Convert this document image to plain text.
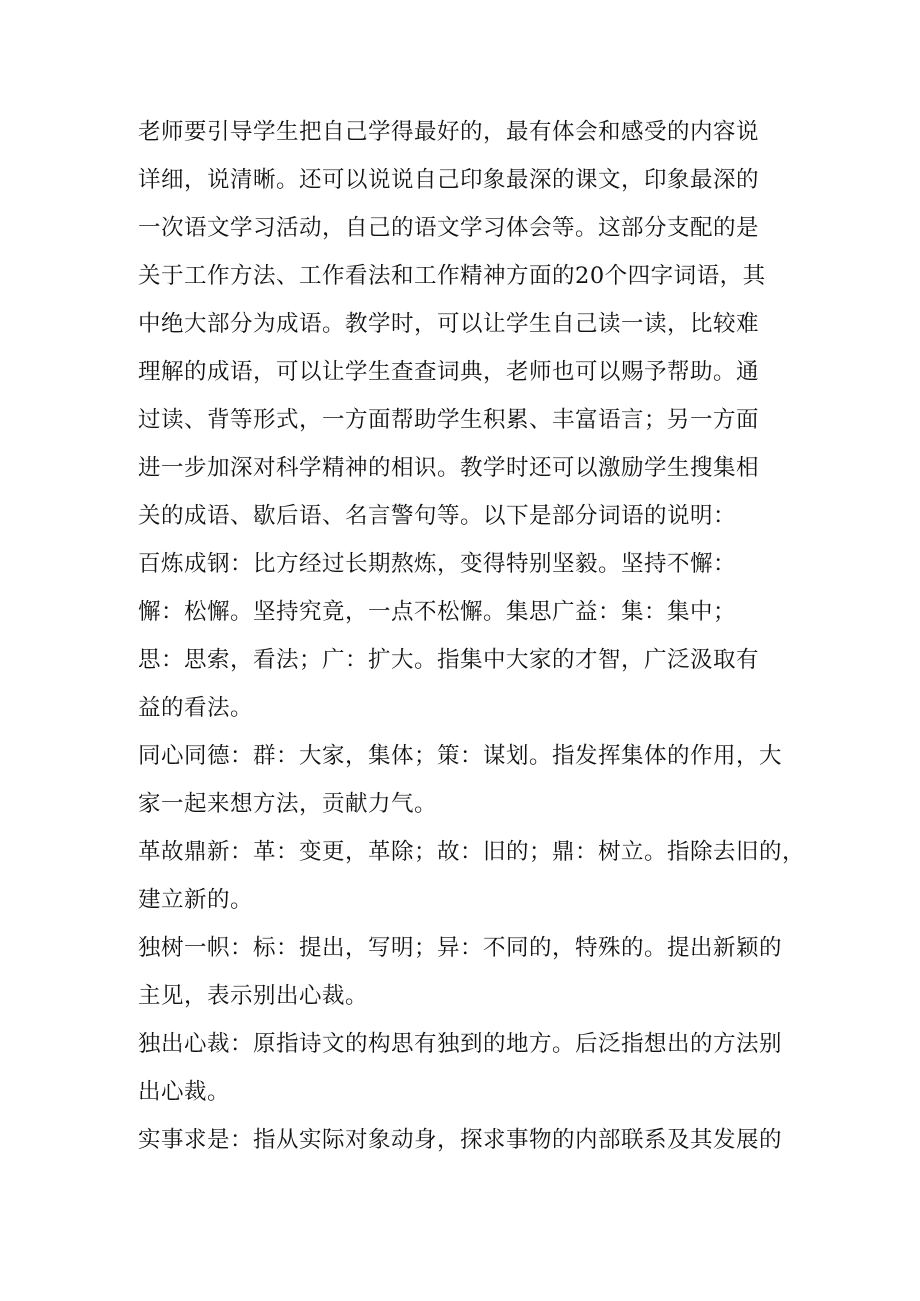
老师要引导学生把自己学得最好的，最有体会和感受的内容说
详细，说清晰。还可以说说自己印象最深的课文，印象最深的
一次语文学习活动，自己的语文学习体会等。这部分支配的是
关于工作方法、工作看法和工作精神方面的20个四字词语，其
中绝大部分为成语。教学时，可以让学生自己读一读，比较难
理解的成语，可以让学生查查词典，老师也可以赐予帮助。通
过读、背等形式，一方面帮助学生积累、丰富语言；另一方面
进一步加深对科学精神的相识。教学时还可以激励学生搜集相
关的成语、歇后语、名言警句等。以下是部分词语的说明：
百炼成钢：比方经过长期熬炼，变得特别坚毅。坚持不懈：
懈：松懈。坚持究竟，一点不松懈。集思广益：集：集中；
思：思索，看法；广：扩大。指集中大家的才智，广泛汲取有
益的看法。
同心同德：群：大家，集体；策：谋划。指发挥集体的作用，大
家一起来想方法，贡献力气。
革故鼎新：革：变更，革除；故：旧的；鼎：树立。指除去旧的，
建立新的。
独树一帜：标：提出，写明；异：不同的，特殊的。提出新颖的
主见，表示别出心裁。
独出心裁：原指诗文的构思有独到的地方。后泛指想出的方法别
出心裁。
实事求是：指从实际对象动身，探求事物的内部联系及其发展的
